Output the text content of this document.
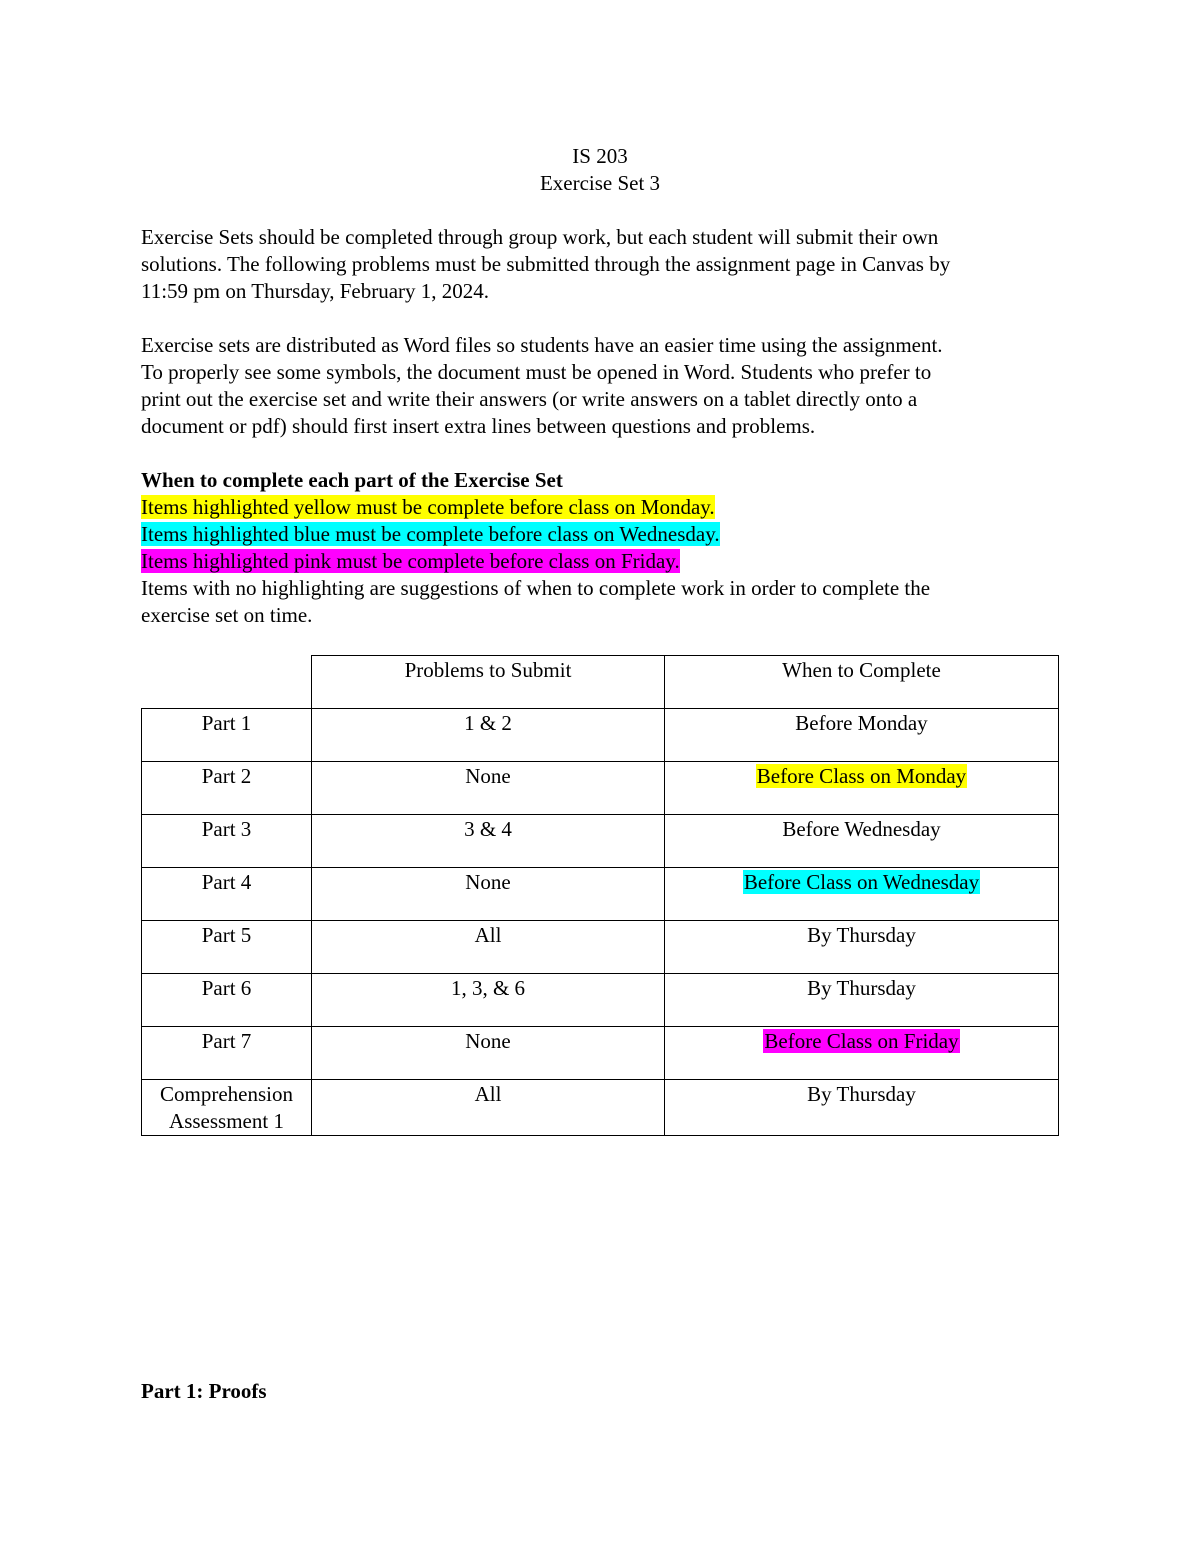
IS 203
Exercise Set 3
Exercise Sets should be completed through group work, but each student will submit their own
solutions. The following problems must be submitted through the assignment page in Canvas by
11:59 pm on Thursday, February 1, 2024.
Exercise sets are distributed as Word files so students have an easier time using the assignment.
To properly see some symbols, the document must be opened in Word. Students who prefer to
print out the exercise set and write their answers (or write answers on a tablet directly onto a
document or pdf) should first insert extra lines between questions and problems.
When to complete each part of the Exercise Set
Items highlighted yellow must be complete before class on Monday.
Items highlighted blue must be complete before class on Wednesday.
Items highlighted pink must be complete before class on Friday.
Items with no highlighting are suggestions of when to complete work in order to complete the
exercise set on time.
	Problems to Submit	When to Complete
Part 1	1 & 2	Before Monday
Part 2	None	Before Class on Monday
Part 3	3 & 4	Before Wednesday
Part 4	None	Before Class on Wednesday
Part 5	All	By Thursday
Part 6	1, 3, & 6	By Thursday
Part 7	None	Before Class on Friday

Comprehension
Assessment 1	All	By Thursday
Part 1: Proofs
